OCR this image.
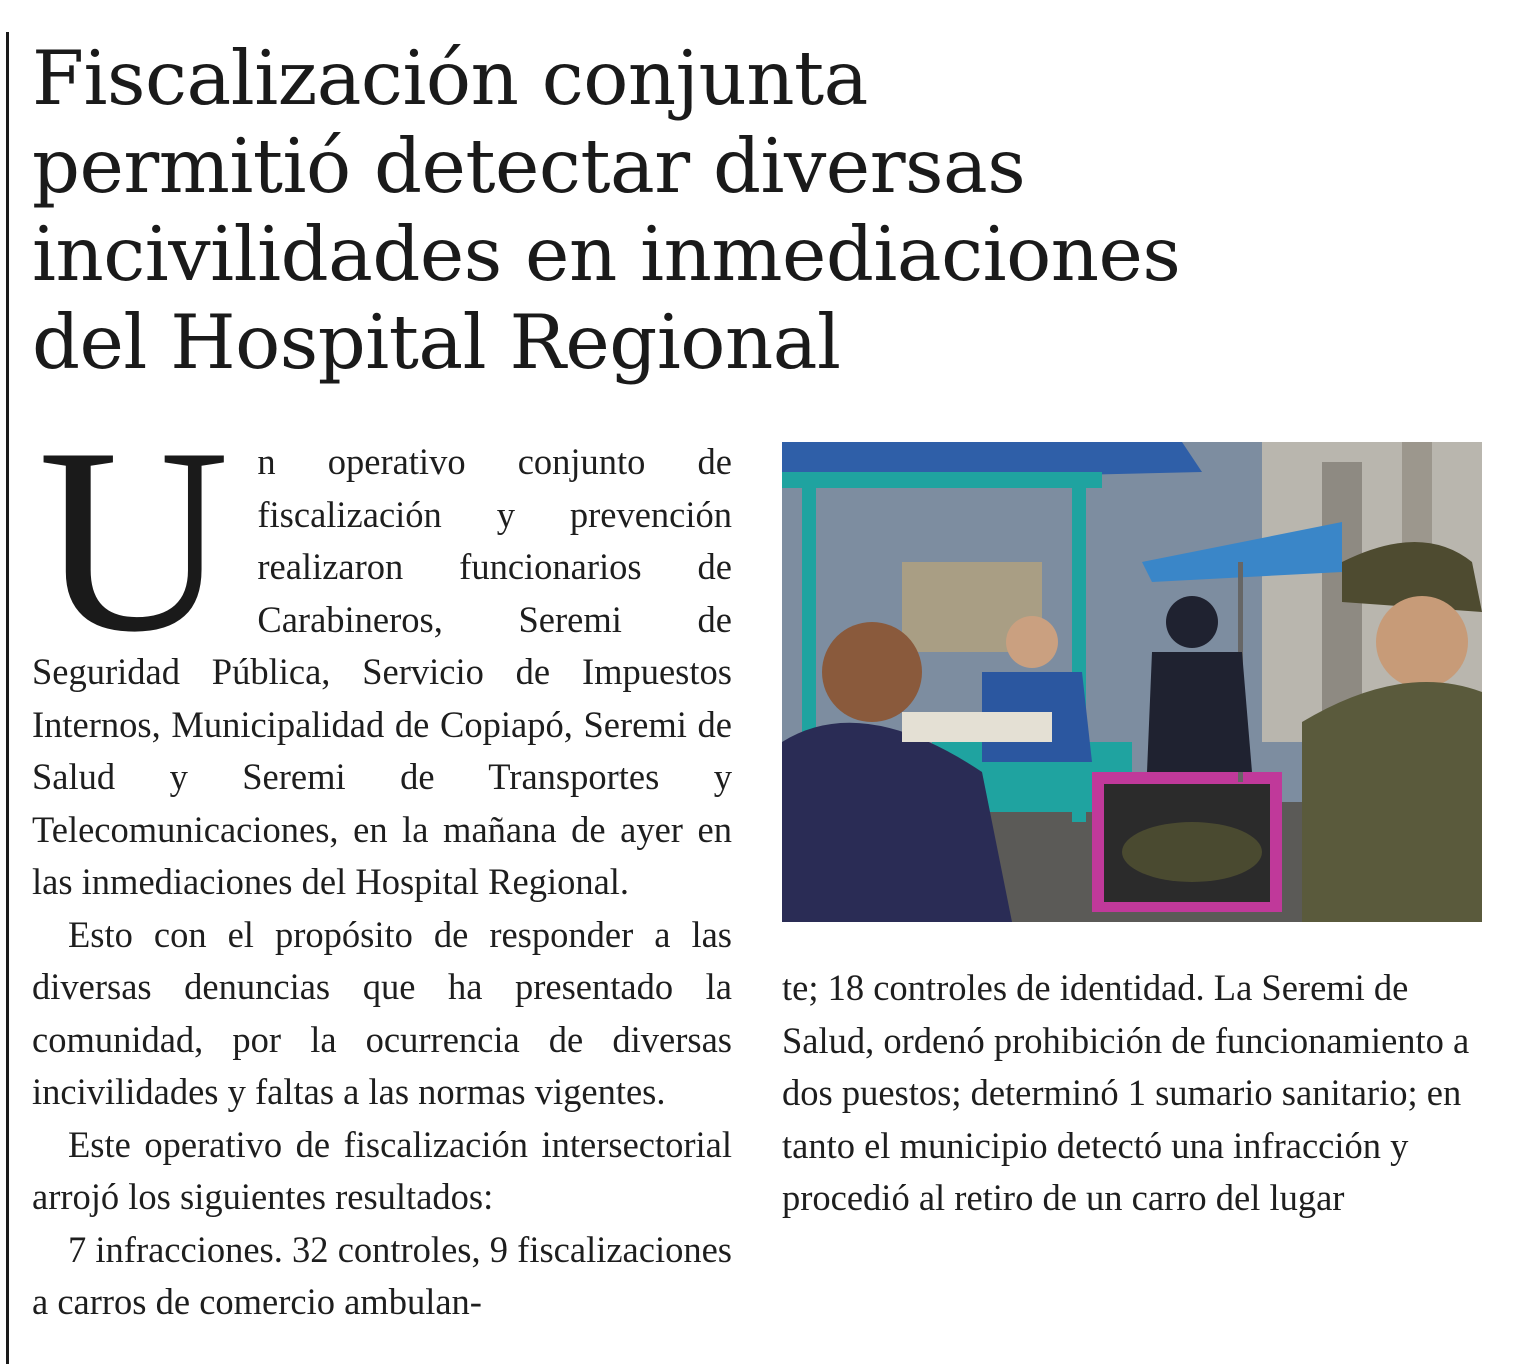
Fiscalización conjunta
permitió detectar diversas
incivilidades en inmediaciones
del Hospital Regional

Un operativo conjunto de fiscalización y prevención realizaron funcionarios de Carabineros, Seremi de Seguridad Pública, Servicio de Impuestos Internos, Municipalidad de Copiapó, Seremi de Salud y Seremi de Transportes y Telecomunicaciones, en la mañana de ayer en las inmediaciones del Hospital Regional.

Esto con el propósito de responder a las diversas denuncias que ha presentado la comunidad, por la ocurrencia de diversas incivilidades y faltas a las normas vigentes.

Este operativo de fiscalización intersectorial arrojó los siguientes resultados:

7 infracciones. 32 controles, 9 fiscalizaciones a carros de comercio ambulan-

te; 18 controles de identidad. La Seremi de Salud, ordenó prohibición de funcionamiento a dos puestos; determinó 1 sumario sanitario; en tanto el municipio detectó una infracción y procedió al retiro de un carro del lugar
